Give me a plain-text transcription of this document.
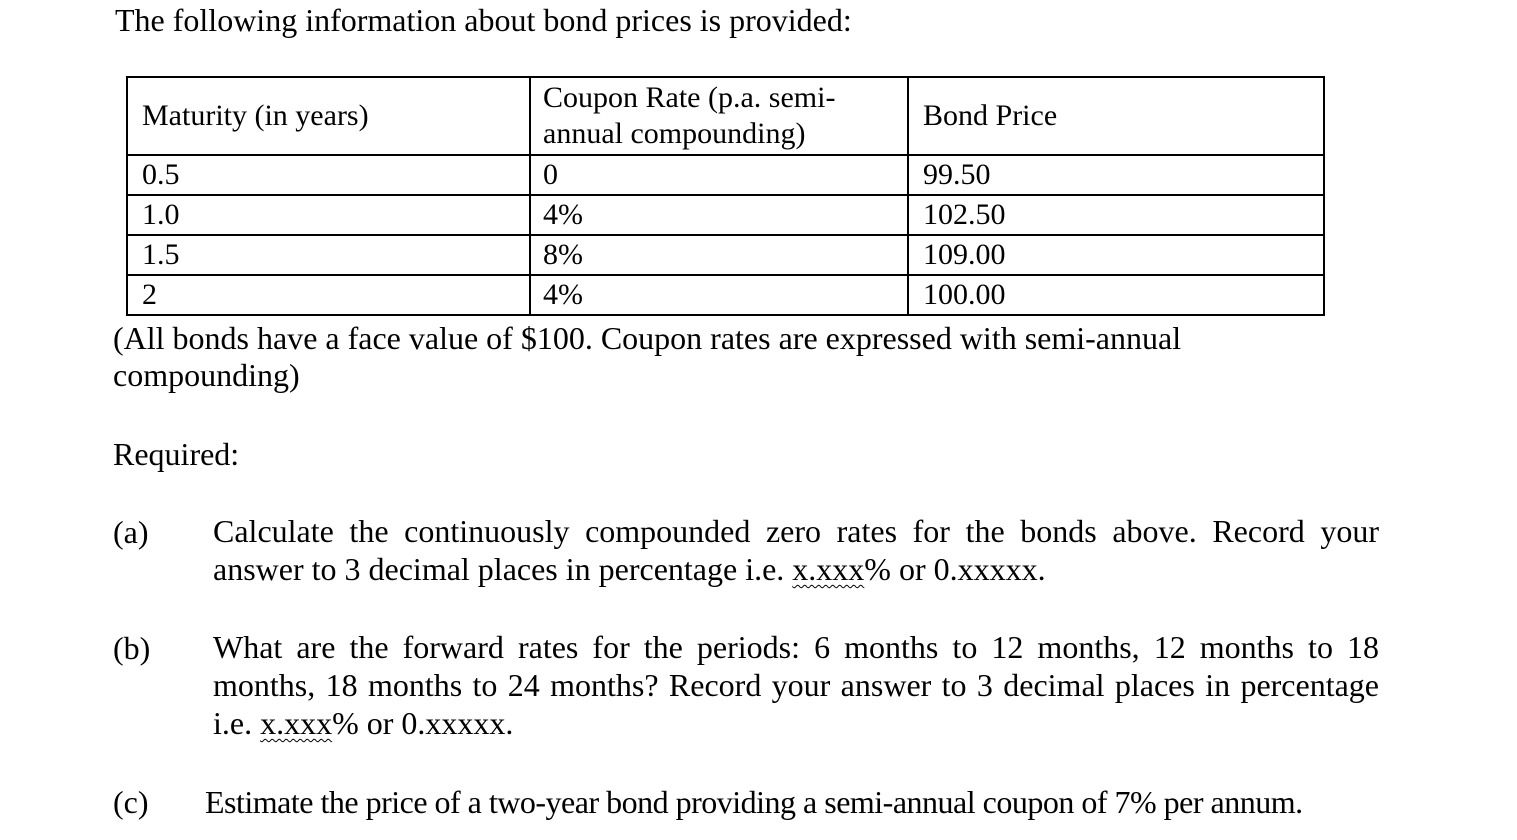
The following information about bond prices is provided:
Maturity (in years)	Coupon Rate (p.a. semi-annual compounding)	Bond Price
0.5	0	99.50
1.0	4%	102.50
1.5	8%	109.00
2	4%	100.00
(All bonds have a face value of $100. Coupon rates are expressed with semi-annual compounding)
Required:
(a) Calculate the continuously compounded zero rates for the bonds above. Record your answer to 3 decimal places in percentage i.e. x.xxx% or 0.xxxxx.
(b) What are the forward rates for the periods: 6 months to 12 months, 12 months to 18 months, 18 months to 24 months? Record your answer to 3 decimal places in percentage i.e. x.xxx% or 0.xxxxx.
(c) Estimate the price of a two-year bond providing a semi-annual coupon of 7% per annum.
